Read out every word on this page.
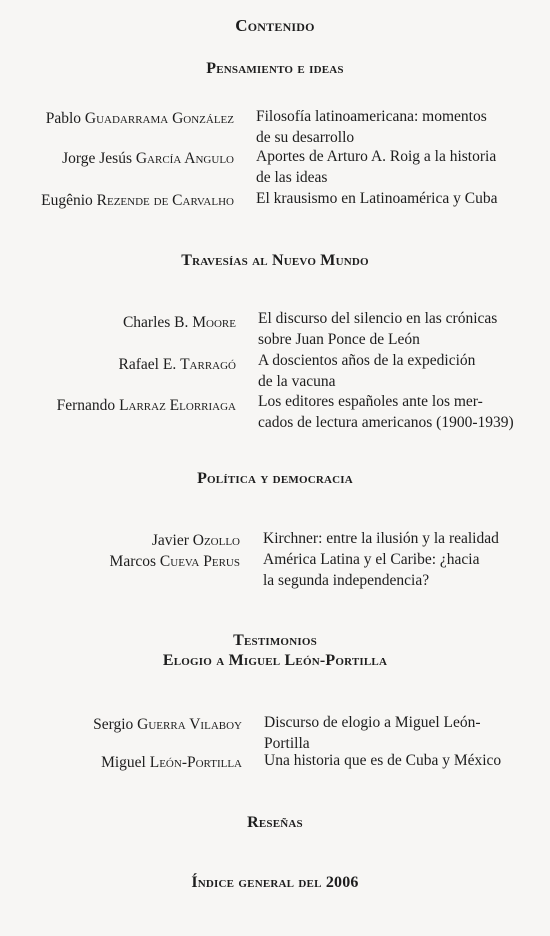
Contenido
Pensamiento e ideas
Pablo Guadarrama González Filosofía latinoamericana: momentos
de su desarrollo
Jorge Jesús García Angulo Aportes de Arturo A. Roig a la historia
de las ideas
Eugênio Rezende de Carvalho El krausismo en Latinoamérica y Cuba
Travesías al Nuevo Mundo
Charles B. Moore El discurso del silencio en las crónicas
sobre Juan Ponce de León
Rafael E. Tarragó A doscientos años de la expedición
de la vacuna
Fernando Larraz Elorriaga Los editores españoles ante los mer-
cados de lectura americanos (1900-1939)
Política y democracia
Javier Ozollo Kirchner: entre la ilusión y la realidad
Marcos Cueva Perus América Latina y el Caribe: ¿hacia
la segunda independencia?
Testimonios
Elogio a Miguel León-Portilla
Sergio Guerra Vilaboy Discurso de elogio a Miguel León-
Portilla
Miguel León-Portilla Una historia que es de Cuba y México
Reseñas
Índice general del 2006
